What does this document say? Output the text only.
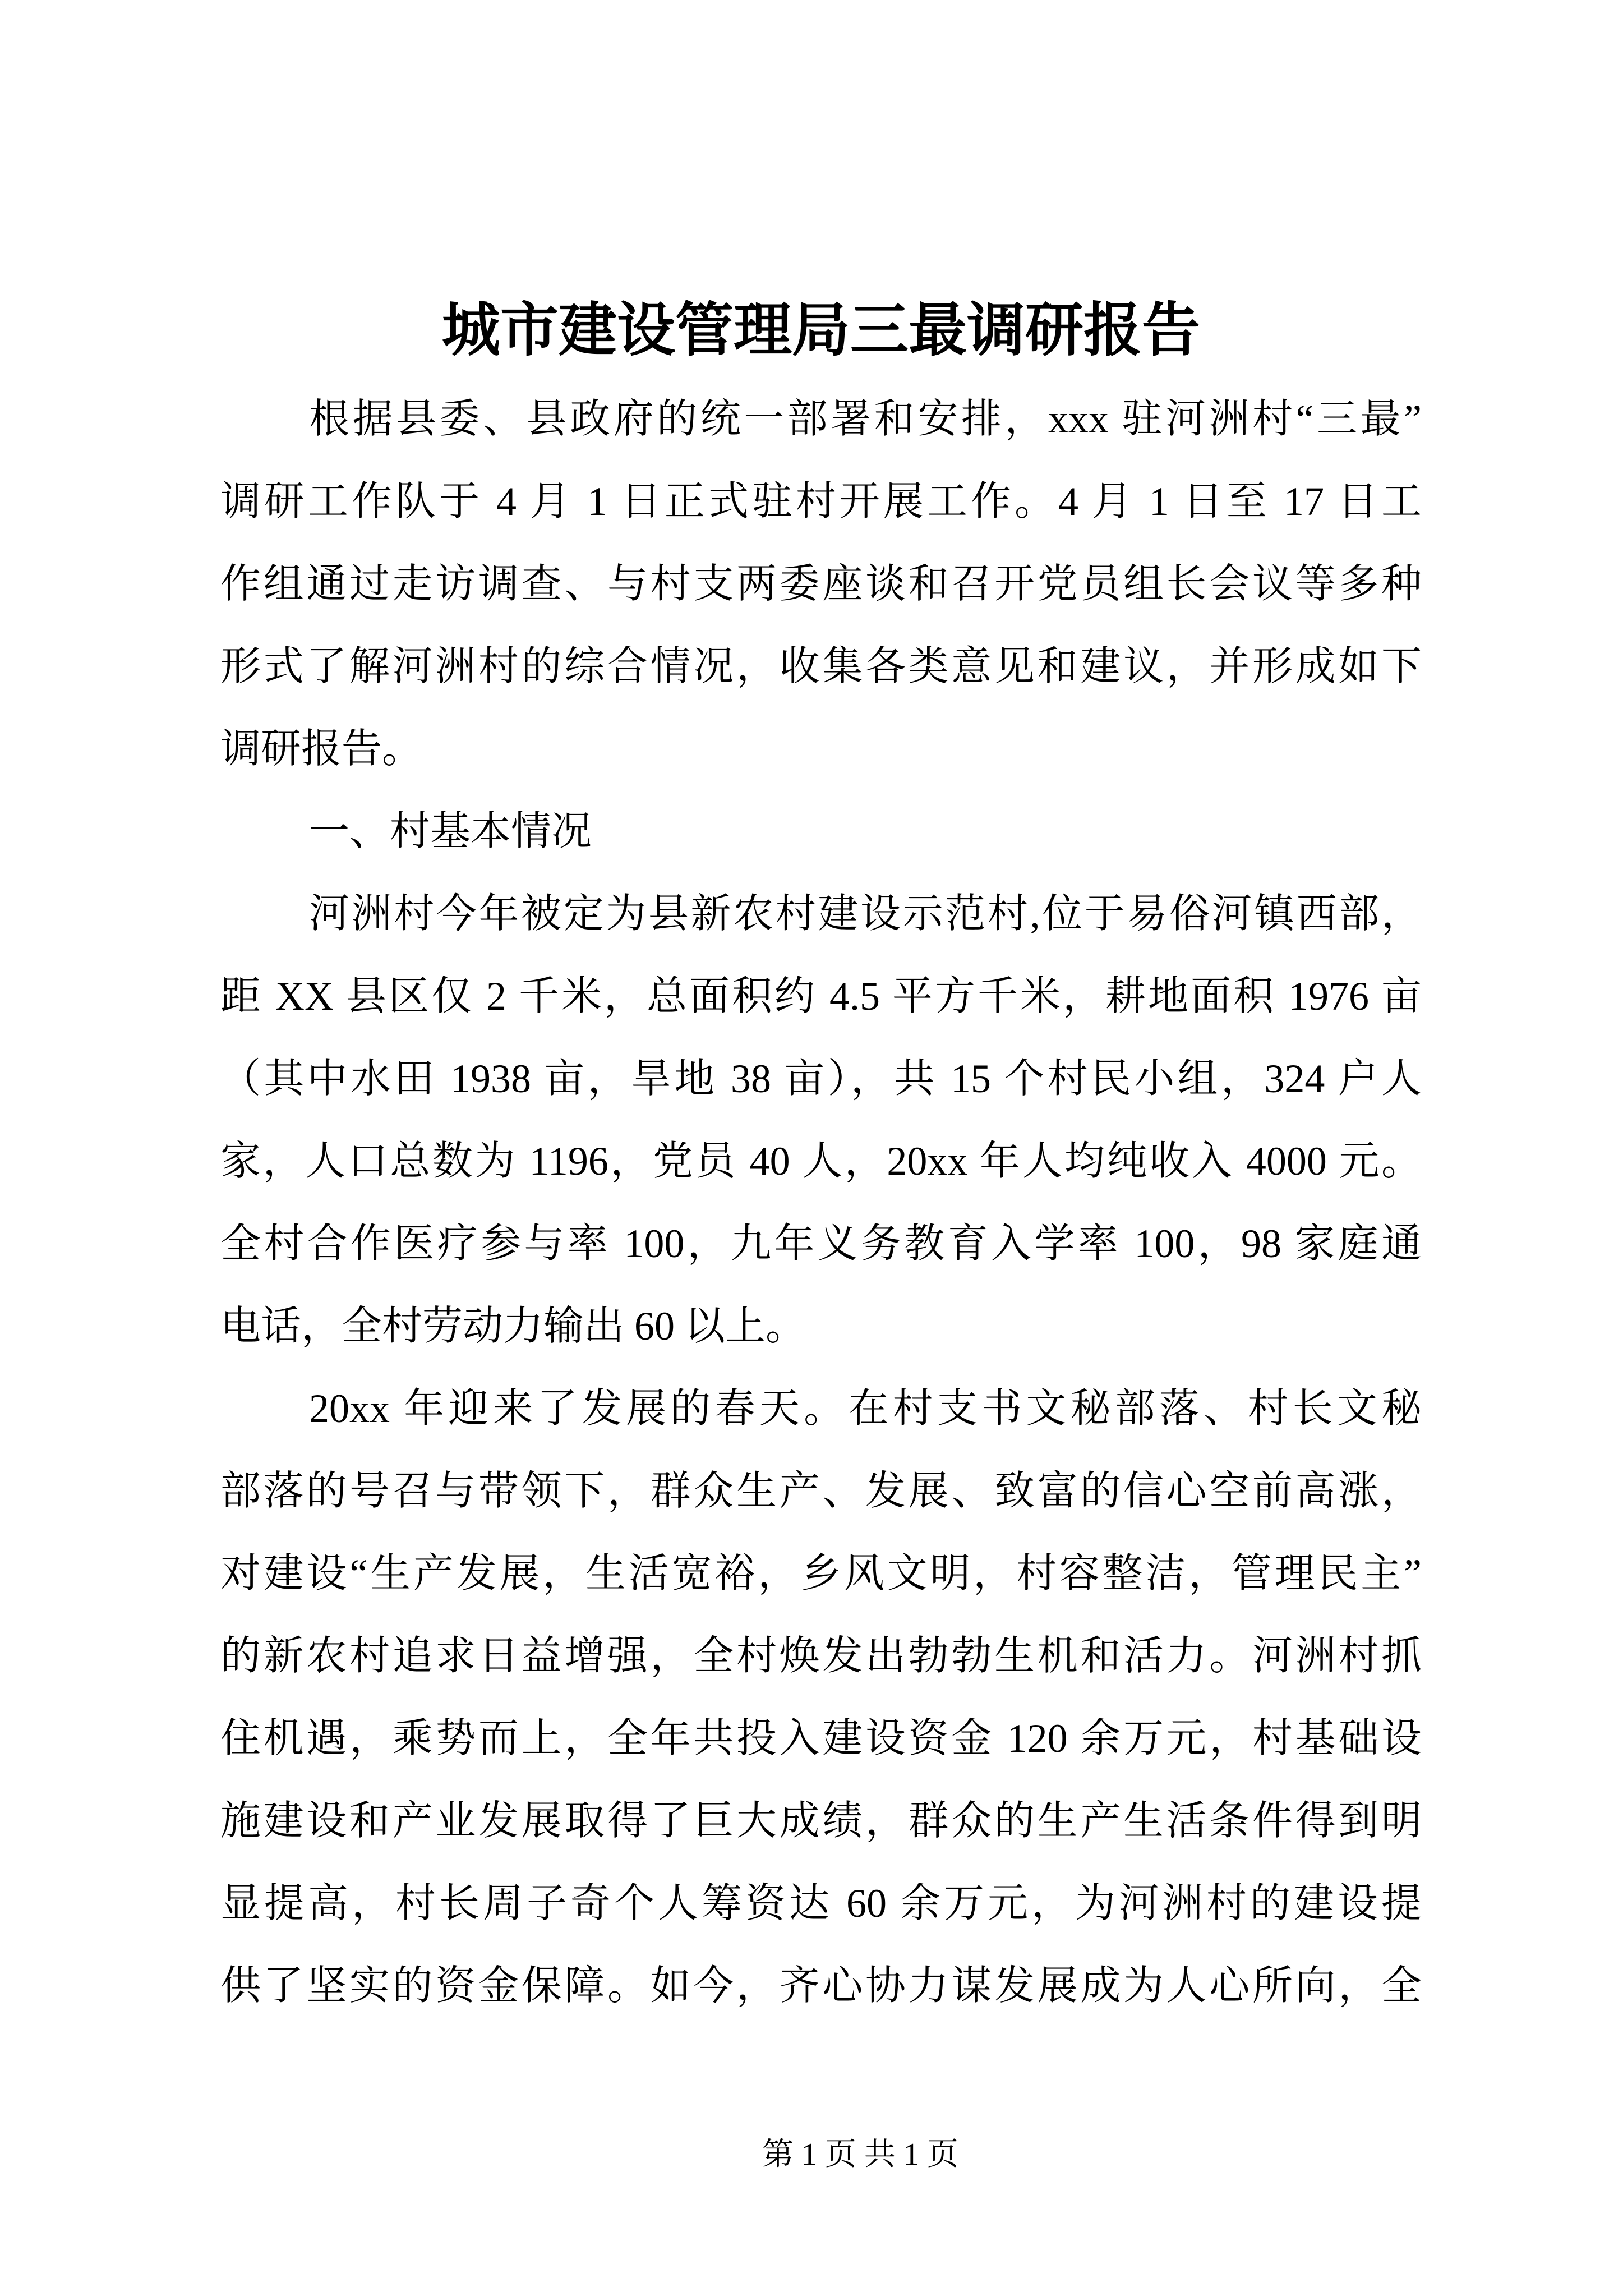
城市建设管理局三最调研报告
根据县委、县政府的统一部署和安排，xxx 驻河洲村“三最”
调研工作队于 4 月 1 日正式驻村开展工作。4 月 1 日至 17 日工
作组通过走访调查、与村支两委座谈和召开党员组长会议等多种
形式了解河洲村的综合情况，收集各类意见和建议，并形成如下
调研报告。
一、村基本情况
河洲村今年被定为县新农村建设示范村,位于易俗河镇西部，
距 XX 县区仅 2 千米，总面积约 4.5 平方千米，耕地面积 1976 亩
（其中水田 1938 亩，旱地 38 亩），共 15 个村民小组，324 户人
家，人口总数为 1196，党员 40 人，20xx 年人均纯收入 4000 元。
全村合作医疗参与率 100，九年义务教育入学率 100，98 家庭通
电话，全村劳动力输出 60 以上。
20xx 年迎来了发展的春天。在村支书文秘部落、村长文秘
部落的号召与带领下，群众生产、发展、致富的信心空前高涨，
对建设“生产发展，生活宽裕，乡风文明，村容整洁，管理民主”
的新农村追求日益增强，全村焕发出勃勃生机和活力。河洲村抓
住机遇，乘势而上，全年共投入建设资金 120 余万元，村基础设
施建设和产业发展取得了巨大成绩，群众的生产生活条件得到明
显提高，村长周子奇个人筹资达 60 余万元，为河洲村的建设提
供了坚实的资金保障。如今，齐心协力谋发展成为人心所向，全
第 1 页 共 1 页
